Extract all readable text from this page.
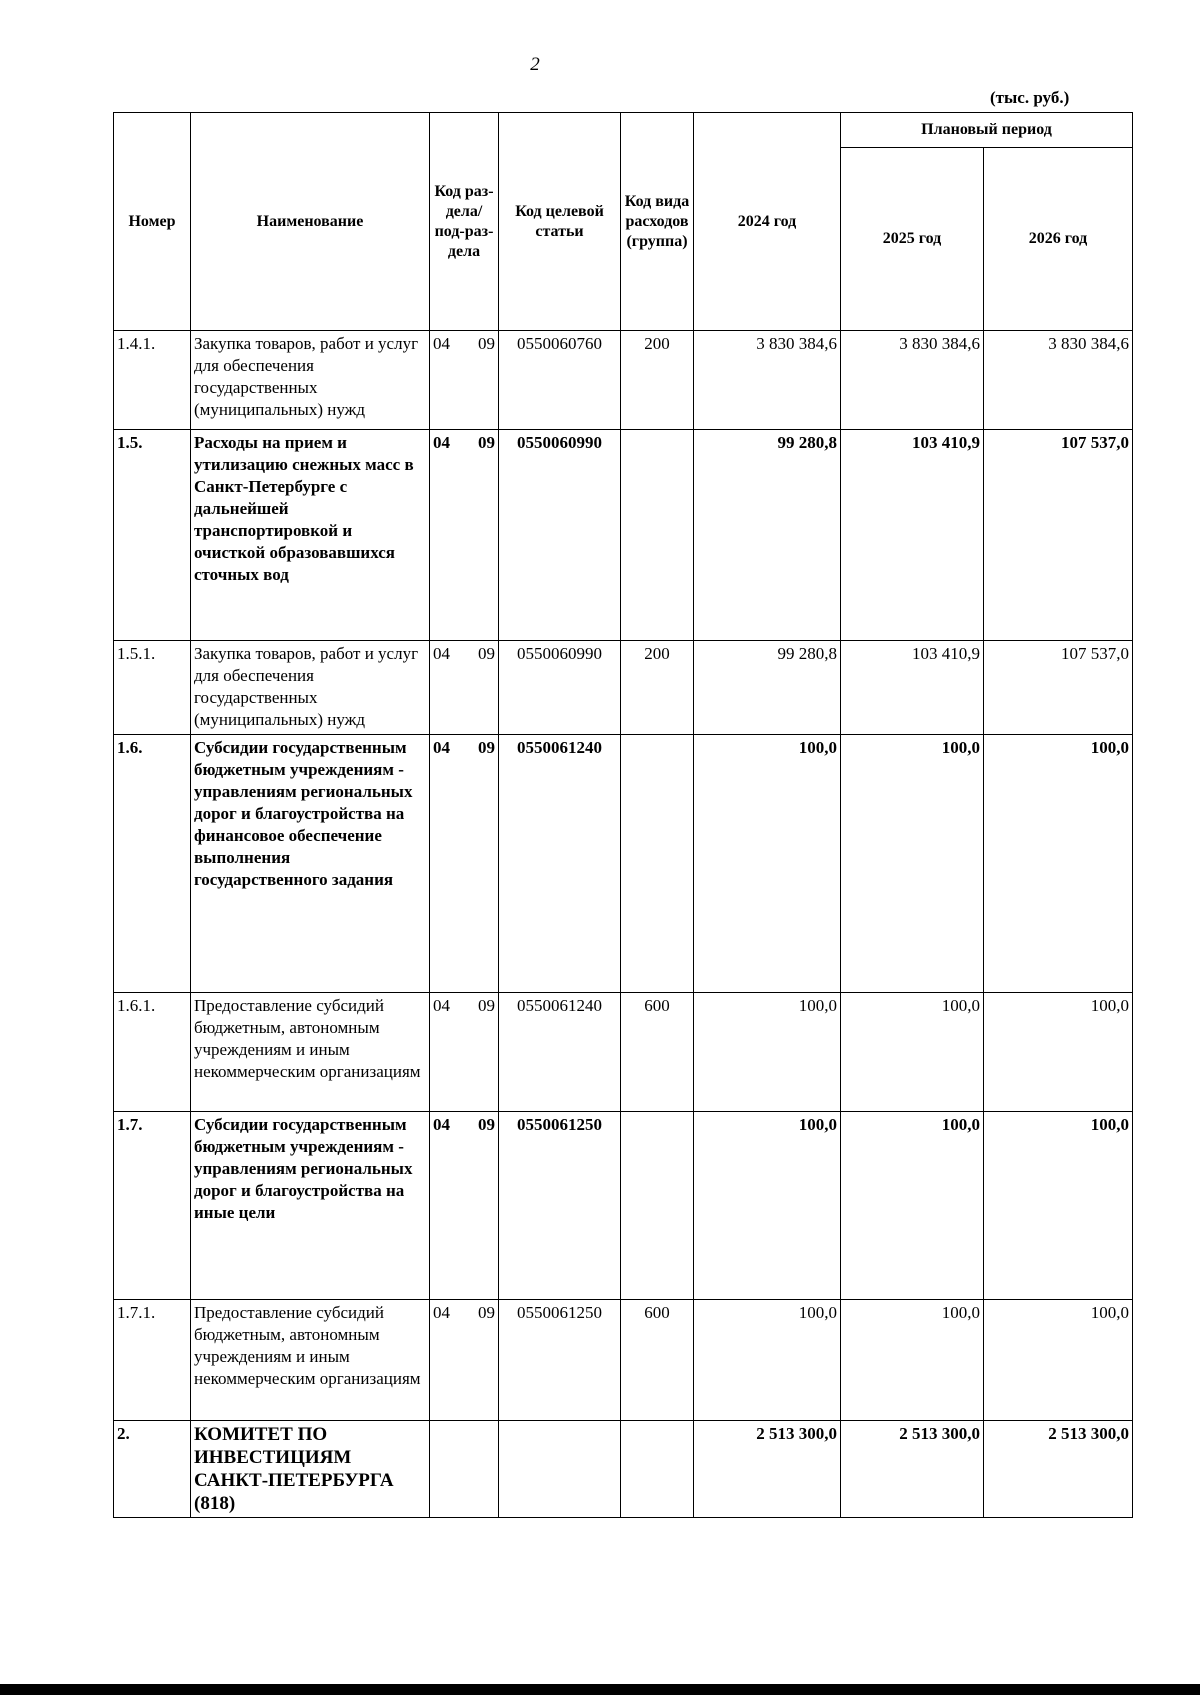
2
(тыс. руб.)
Номер	Наименование	Код раз-дела/ под-раз-дела	Код целевой статьи	Код вида расходов (группа)	2024 год	Плановый период	
						2025 год	2026 год
1.4.1.	Закупка товаров, работ и услуг для обеспечения государственных (муниципальных) нужд	04 09	0550060760	200	3 830 384,6	3 830 384,6	3 830 384,6
1.5.	Расходы на прием и утилизацию снежных масс в Санкт-Петербурге с дальнейшей транспортировкой и очисткой образовавшихся сточных вод	04 09	0550060990		99 280,8	103 410,9	107 537,0
1.5.1.	Закупка товаров, работ и услуг для обеспечения государственных (муниципальных) нужд	04 09	0550060990	200	99 280,8	103 410,9	107 537,0
1.6.	Субсидии государственным бюджетным учреждениям - управлениям региональных дорог и благоустройства на финансовое обеспечение выполнения государственного задания	04 09	0550061240		100,0	100,0	100,0
1.6.1.	Предоставление субсидий бюджетным, автономным учреждениям и иным некоммерческим организациям	04 09	0550061240	600	100,0	100,0	100,0
1.7.	Субсидии государственным бюджетным учреждениям - управлениям региональных дорог и благоустройства на иные цели	04 09	0550061250		100,0	100,0	100,0
1.7.1.	Предоставление субсидий бюджетным, автономным учреждениям и иным некоммерческим организациям	04 09	0550061250	600	100,0	100,0	100,0
2.	КОМИТЕТ ПО ИНВЕСТИЦИЯМ САНКТ-ПЕТЕРБУРГА (818)				2 513 300,0	2 513 300,0	2 513 300,0
